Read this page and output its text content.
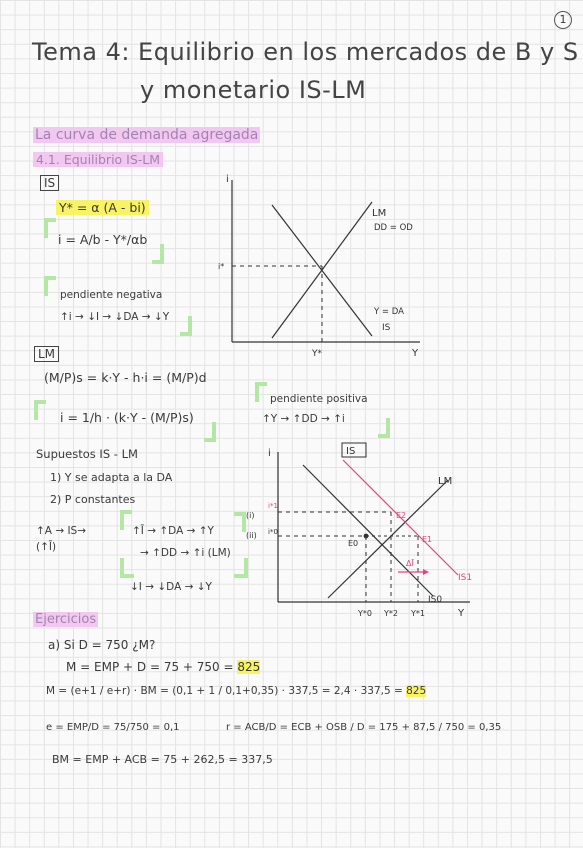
1
Tema 4: Equilibrio en los mercados de B y S
y monetario IS-LM
La curva de demanda agregada
4.1. Equilibrio IS-LM
IS
Y* = α (A - bi)
i = A/b - Y*/αb
pendiente negativa
↑i → ↓I → ↓DA → ↓Y
LM
(M/P)s = k·Y - h·i = (M/P)d
i = 1/h · (k·Y - (M/P)s)
pendiente positiva
↑Y → ↑DD → ↑i
Supuestos IS - LM
1) Y se adapta a la DA
2) P constantes
↑A → IS→
(↑Ī)
↑Ī → ↑DA → ↑Y
→ ↑DD → ↑i (LM)
↓I → ↓DA → ↓Y
i
Y
i*
Y*
LM
DD = OD
Y = DA
IS
i
Y
IS
LM
i*1
(ii) i*0
E0
E2
E1
ΔĪ
IS1
IS0
Y*0 Y*2 Y*1
(i)
Ejercicios
a) Si D = 750 ¿M?
M = EMP + D = 75 + 750 = 825
M = (e+1 / e+r) · BM = (0,1 + 1 / 0,1+0,35) · 337,5 = 2,4 · 337,5 = 825
e = EMP/D = 75/750 = 0,1	r = ACB/D = ECB + OSB / D = 175 + 87,5 / 750 = 0,35
BM = EMP + ACB = 75 + 262,5 = 337,5
